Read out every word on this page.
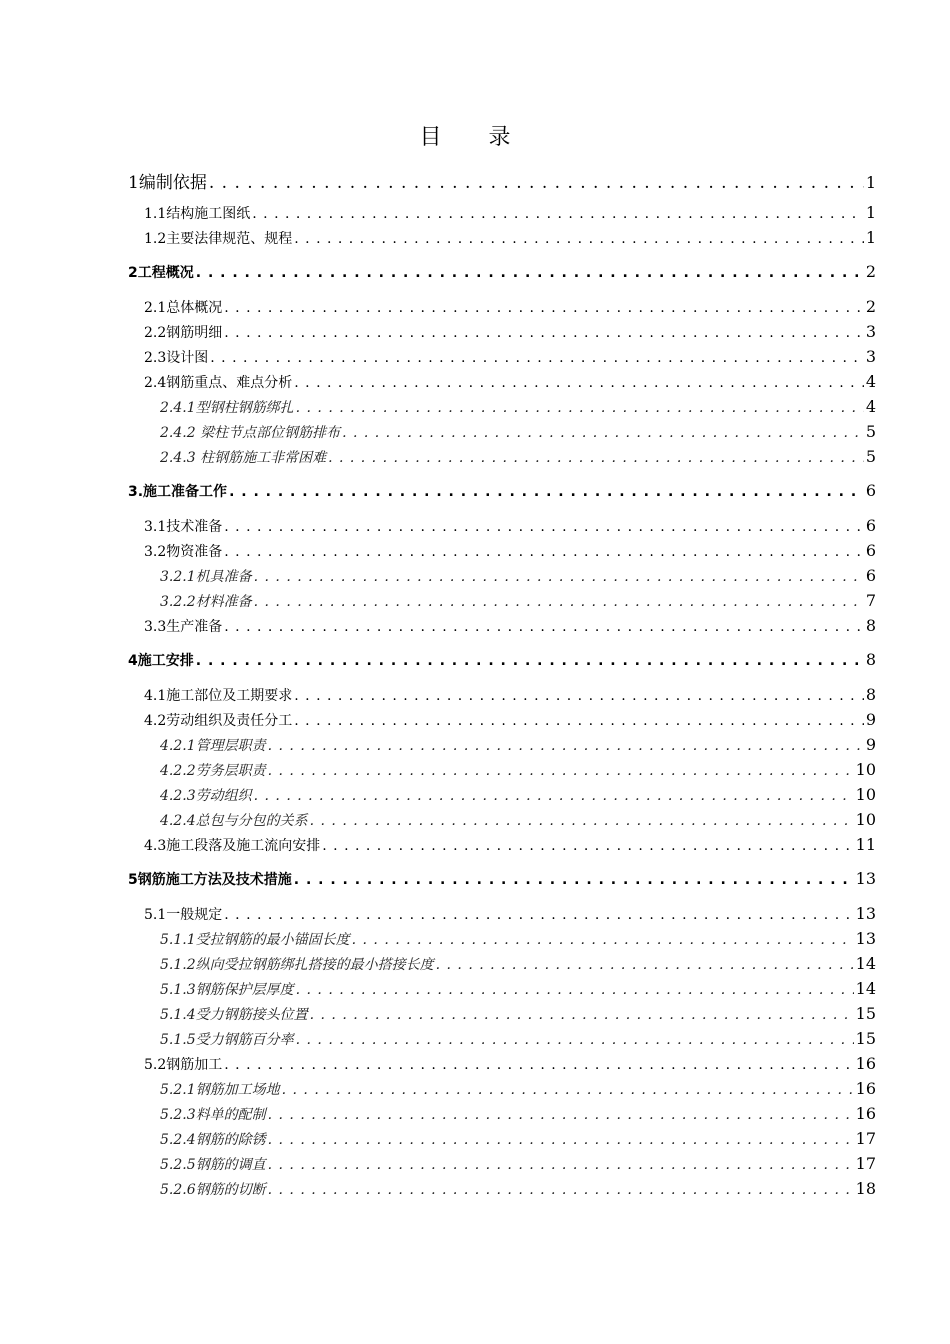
目 录
1编制依据 . . .	1
1.1结构施工图纸 . . .	1
1.2主要法律规范、规程 . . .	1
2工程概况 . . .	2
2.1总体概况 . . .	2
2.2钢筋明细 . . .	3
2.3设计图 . . .	3
2.4钢筋重点、难点分析 . . .	4
2.4.1型钢柱钢筋绑扎 . . .	4
2.4.2 梁柱节点部位钢筋排布 . . .	5
2.4.3 柱钢筋施工非常困难 . . .	5
3.施工准备工作 . . .	6
3.1技术准备 . . .	6
3.2物资准备 . . .	6
3.2.1机具准备 . . .	6
3.2.2材料准备 . . .	7
3.3生产准备 . . .	8
4施工安排 . . .	8
4.1施工部位及工期要求 . . .	8
4.2劳动组织及责任分工 . . .	9
4.2.1管理层职责 . . .	9
4.2.2劳务层职责 . . .	10
4.2.3劳动组织 . . .	10
4.2.4总包与分包的关系 . . .	10
4.3施工段落及施工流向安排 . . .	11
5钢筋施工方法及技术措施 . . .	13
5.1一般规定 . . .	13
5.1.1受拉钢筋的最小锚固长度 . . .	13
5.1.2纵向受拉钢筋绑扎搭接的最小搭接长度 . . .	14
5.1.3钢筋保护层厚度 . . .	14
5.1.4受力钢筋接头位置 . . .	15
5.1.5受力钢筋百分率 . . .	15
5.2钢筋加工 . . .	16
5.2.1钢筋加工场地 . . .	16
5.2.3料单的配制 . . .	16
5.2.4钢筋的除锈 . . .	17
5.2.5钢筋的调直 . . .	17
5.2.6钢筋的切断 . . .	18
